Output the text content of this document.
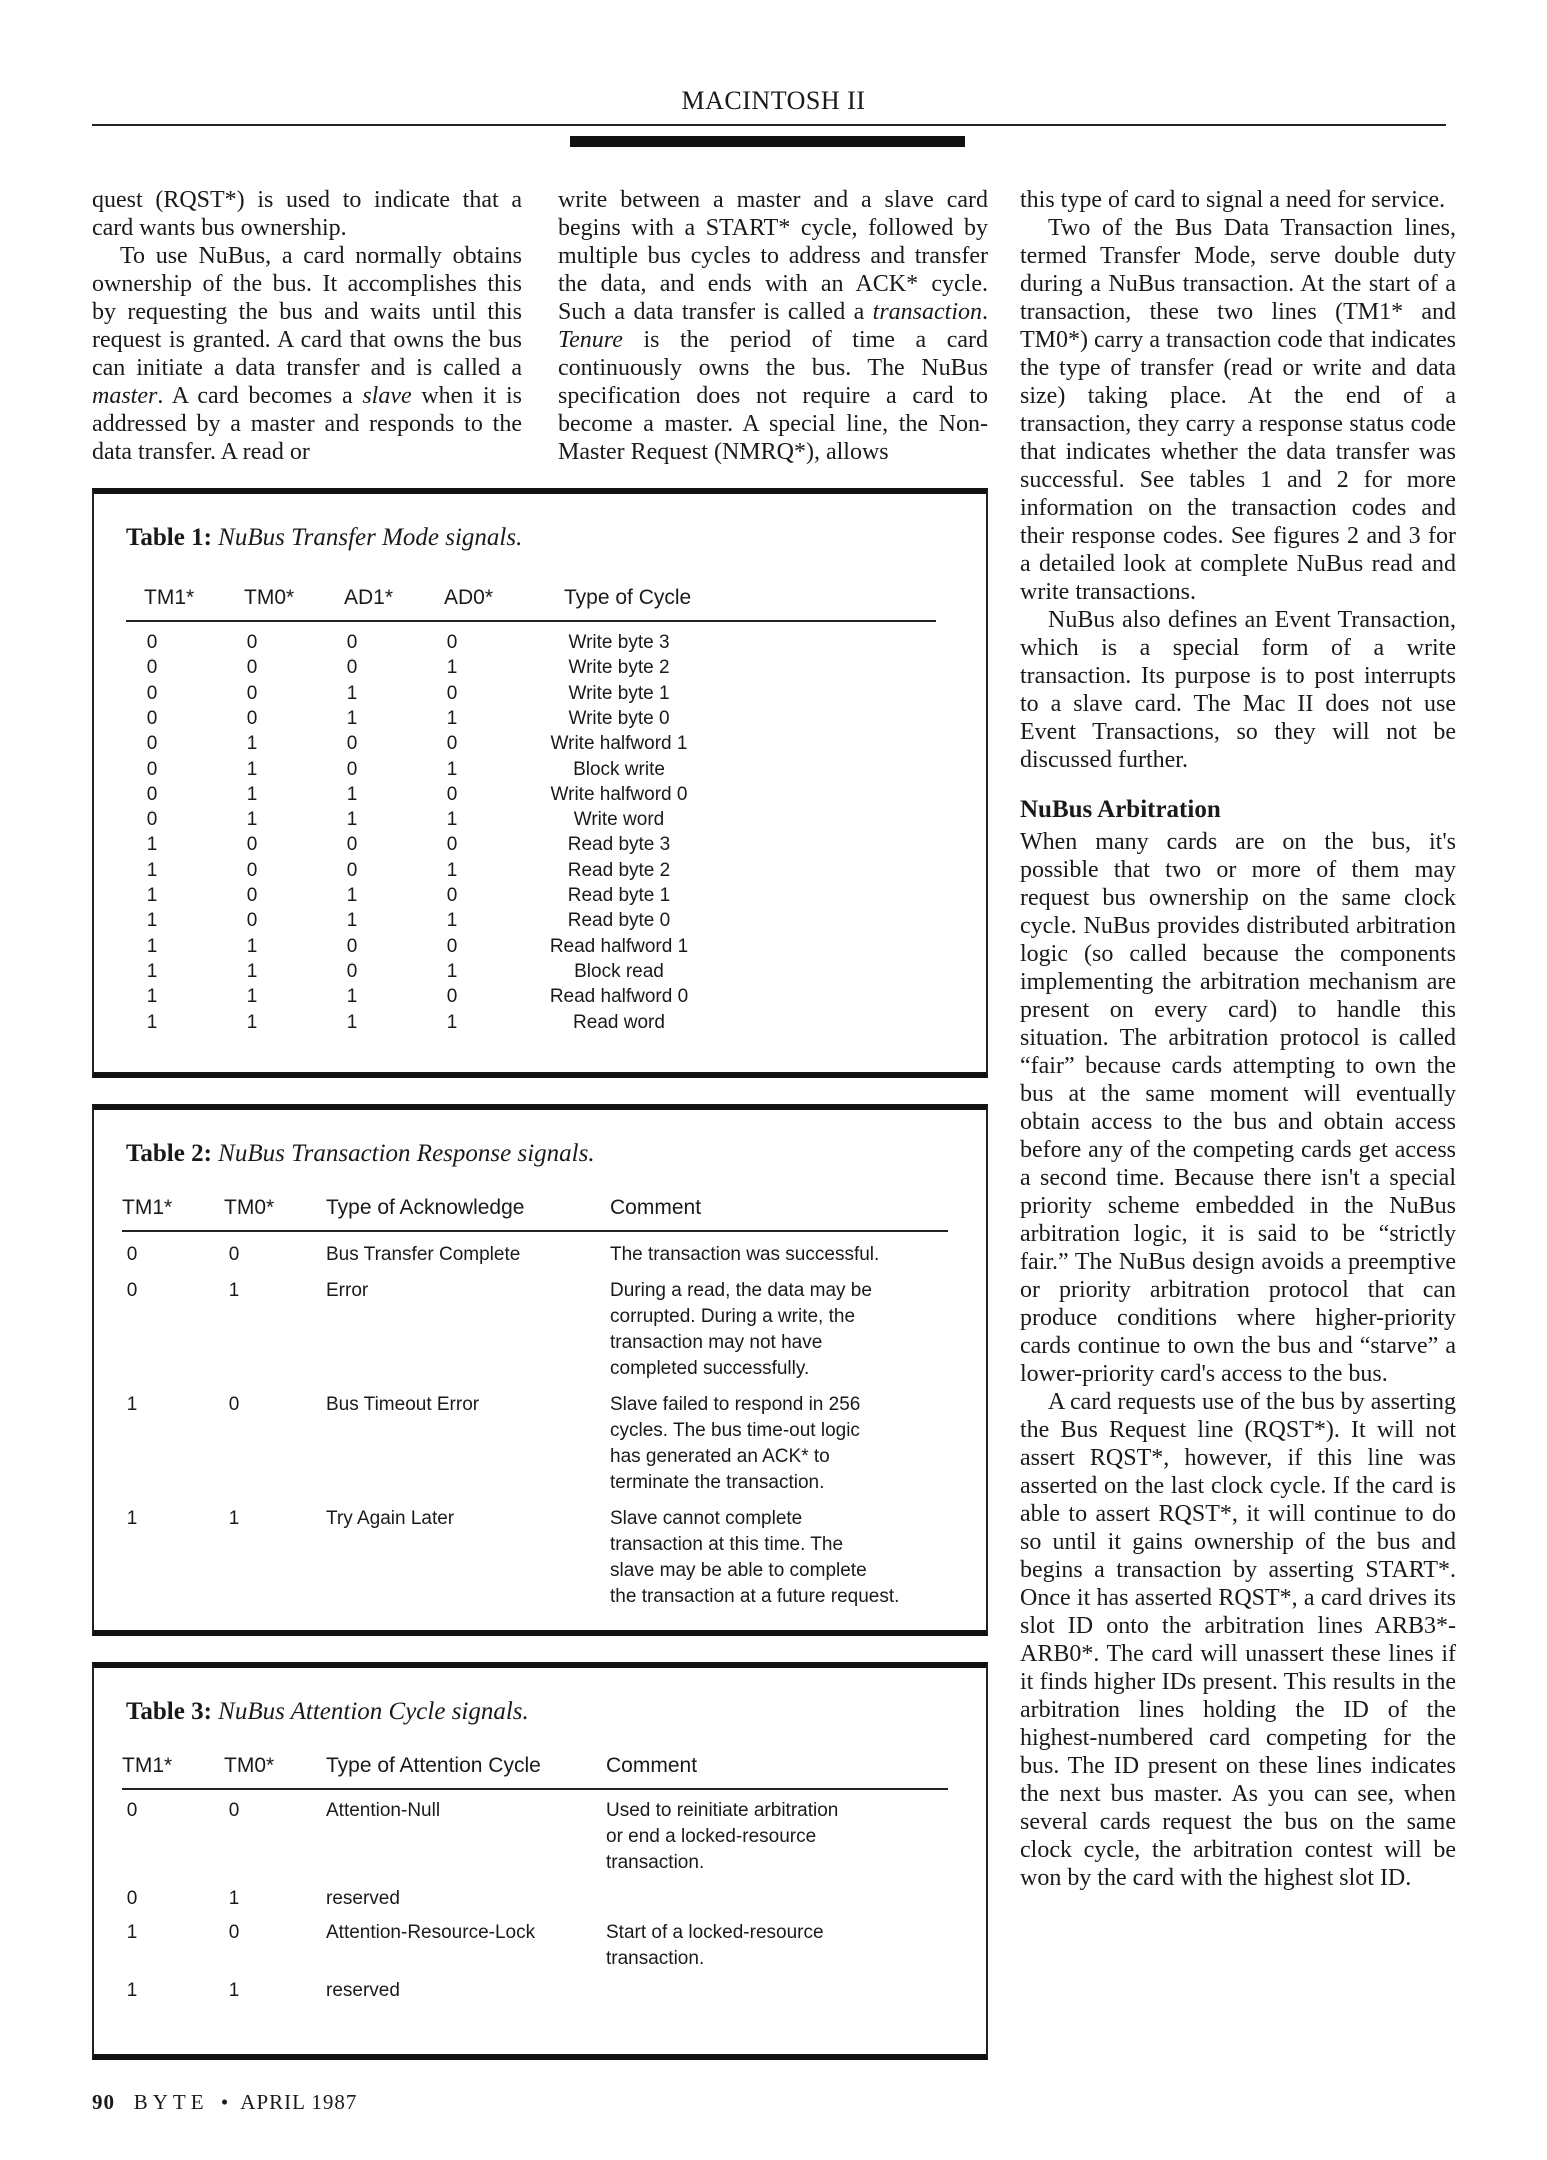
MACINTOSH II

quest (RQST*) is used to indicate that a card wants bus ownership.

To use NuBus, a card normally obtains ownership of the bus. It accomplishes this by requesting the bus and waits until this request is granted. A card that owns the bus can initiate a data transfer and is called a master. A card becomes a slave when it is addressed by a master and responds to the data transfer. A read or

write between a master and a slave card begins with a START* cycle, followed by multiple bus cycles to address and transfer the data, and ends with an ACK* cycle. Such a data transfer is called a transaction. Tenure is the period of time a card continuously owns the bus. The NuBus specification does not require a card to become a master. A special line, the Non-Master Request (NMRQ*), allows

this type of card to signal a need for service.

Two of the Bus Data Transaction lines, termed Transfer Mode, serve double duty during a NuBus transaction. At the start of a transaction, these two lines (TM1* and TM0*) carry a transaction code that indicates the type of transfer (read or write and data size) taking place. At the end of a transaction, they carry a response status code that indicates whether the data transfer was successful. See tables 1 and 2 for more information on the transaction codes and their response codes. See figures 2 and 3 for a detailed look at complete NuBus read and write transactions.

NuBus also defines an Event Transaction, which is a special form of a write transaction. Its purpose is to post interrupts to a slave card. The Mac II does not use Event Transactions, so they will not be discussed further.

NuBus Arbitration

When many cards are on the bus, it's possible that two or more of them may request bus ownership on the same clock cycle. NuBus provides distributed arbitration logic (so called because the components implementing the arbitration mechanism are present on every card) to handle this situation. The arbitration protocol is called “fair” because cards attempting to own the bus at the same moment will eventually obtain access to the bus and obtain access before any of the competing cards get access a second time. Because there isn't a special priority scheme embedded in the NuBus arbitration logic, it is said to be “strictly fair.” The NuBus design avoids a preemptive or priority arbitration protocol that can produce conditions where higher-priority cards continue to own the bus and “starve” a lower-priority card's access to the bus.

A card requests use of the bus by asserting the Bus Request line (RQST*). It will not assert RQST*, however, if this line was asserted on the last clock cycle. If the card is able to assert RQST*, it will continue to do so until it gains ownership of the bus and begins a transaction by asserting START*. Once it has asserted RQST*, a card drives its slot ID onto the arbitration lines ARB3*-ARB0*. The card will unassert these lines if it finds higher IDs present. This results in the arbitration lines holding the ID of the highest-numbered card competing for the bus. The ID present on these lines indicates the next bus master. As you can see, when several cards request the bus on the same clock cycle, the arbitration contest will be won by the card with the highest slot ID.

Table 1: NuBus Transfer Mode signals.
TM1* TM0* AD1* AD0*	Type of Cycle
0	0	0	0	Write byte 3
0	0	0	1	Write byte 2
0	0	1	0	Write byte 1
0	0	1	1	Write byte 0
0	1	0	0	Write halfword 1
0	1	0	1	Block write
0	1	1	0	Write halfword 0
0	1	1	1	Write word
1	0	0	0	Read byte 3
1	0	0	1	Read byte 2
1	0	1	0	Read byte 1
1	0	1	1	Read byte 0
1	1	0	0	Read halfword 1
1	1	0	1	Block read
1	1	1	0	Read halfword 0
1	1	1	1	Read word
Table 2: NuBus Transaction Response signals.
TM1* TM0* Type of Acknowledge	Comment
0	0	Bus Transfer Complete	The transaction was successful.
0	1	Error	During a read, the data may be
corrupted. During a write, the
transaction may not have
completed successfully.
1	0	Bus Timeout Error	Slave failed to respond in 256
cycles. The bus time-out logic
has generated an ACK* to
terminate the transaction.
1	1	Try Again Later	Slave cannot complete
transaction at this time. The
slave may be able to complete
the transaction at a future request.
Table 3: NuBus Attention Cycle signals.
TM1* TM0* Type of Attention Cycle	Comment
0	0	Attention-Null	Used to reinitiate arbitration
or end a locked-resource
transaction.
0	1	reserved
1	0	Attention-Resource-Lock	Start of a locked-resource
transaction.
1	1	reserved
90 BYTE • APRIL 1987
